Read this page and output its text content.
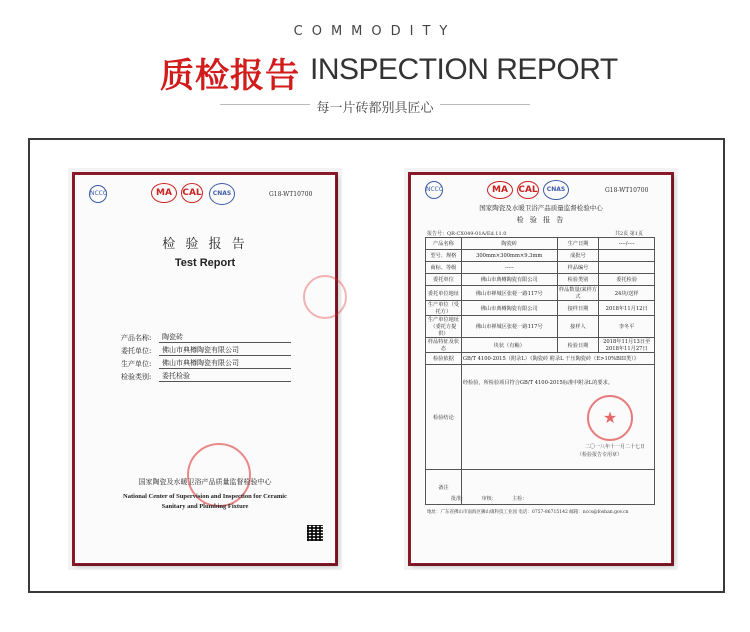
COMMODITY
质检报告 INSPECTION REPORT
每一片砖都别具匠心
NCCC	MA	CAL	CNAS	G18-WT10700
检 验 报 告
Test Report
产品名称:	陶瓷砖
委托单位:	佛山市典樽陶瓷有限公司
生产单位:	佛山市典樽陶瓷有限公司
检验类别:	委托检验
国家陶瓷及水暖卫浴产品质量监督检验中心
National Center of Supervision and Inspection for Ceramic
Sanitary and Plumbing Fixture
NCCC	MA	CAL	CNAS	G18-WT10700
国家陶瓷及水暖卫浴产品质量监督检验中心
检 验 报 告
报告号：QR-CX049-01A/Ed.11.0	共2页 第1页
产品名称	陶瓷砖	生产日期	----/----
型号、规格	300mm×300mm×9.3mm	成批号	
商标、等级	-----	样品编号	
委托单位	佛山市典樽陶瓷有限公司	检验类别	委托检验
委托单位地址	佛山市禅城区张槎一路117号	样品数量/来样方式	24块/送样
生产单位（受托方）	佛山市典樽陶瓷有限公司	接样日期	2018年11月12日
生产单位地址（委托方提供）	佛山市禅城区张槎一路117号	接样人	李冬平
样品特征及状态	块状（有釉）	检验日期	2018年11月13日至2018年11月27日
检验依据	GB/T 4100-2015（附录L）《陶瓷砖 附录L 干压陶瓷砖（E>10%BIII类）》		
检验结论	经检验，所检验项目符合GB/T 4100-2015标准中附录L的要求。		
备注			
★
二〇一八年十一月二十七日
（检验报告专用章）
批准： 审核： 主检：
地址：广东省佛山市南海区狮山镇科技工业园 电话：0757-86715142 邮箱：nccs@foshan.gov.cn
